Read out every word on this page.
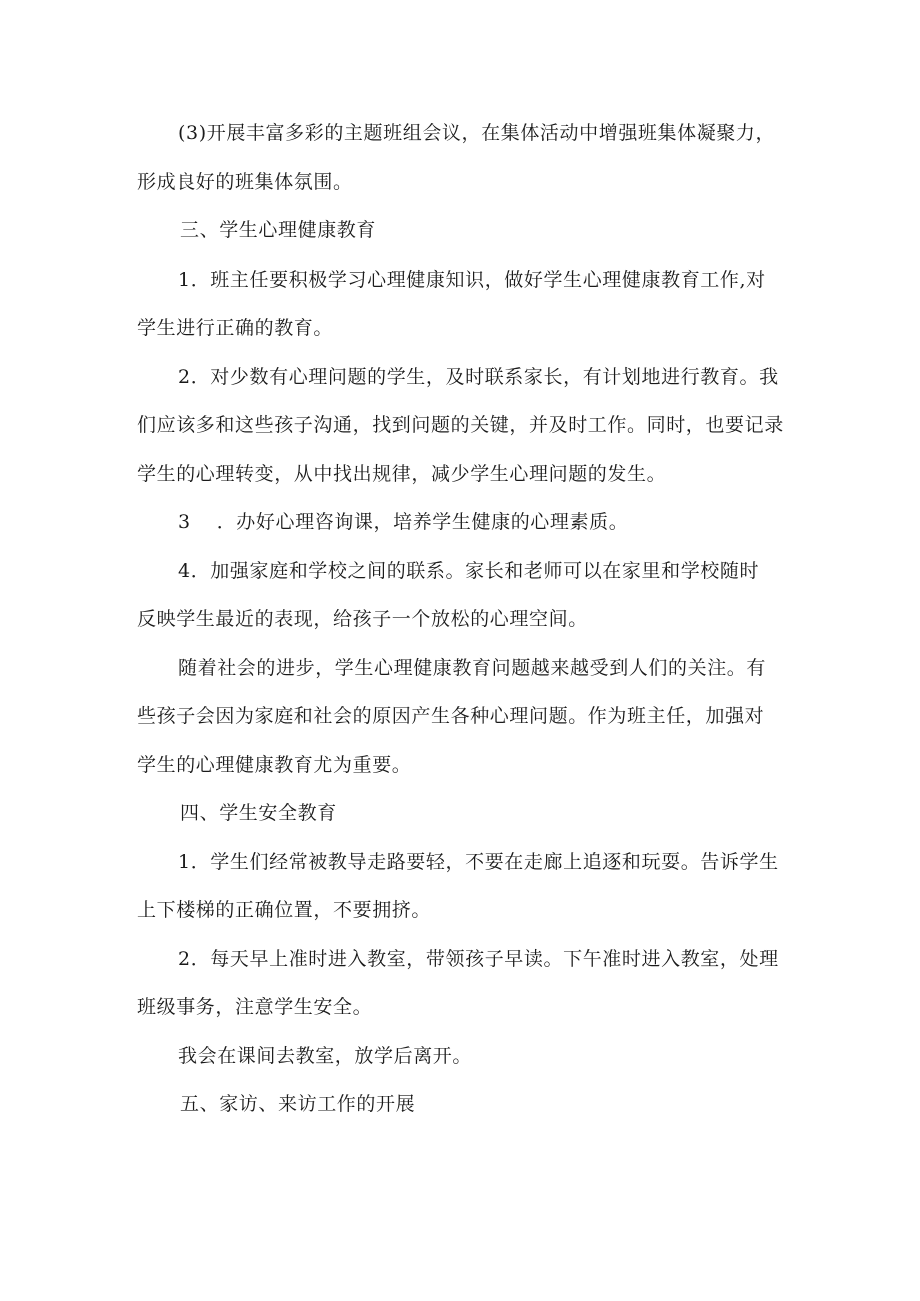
(3)开展丰富多彩的主题班组会议，在集体活动中增强班集体凝聚力，
形成良好的班集体氛围。
三、学生心理健康教育
1．班主任要积极学习心理健康知识，做好学生心理健康教育工作,对
学生进行正确的教育。
2．对少数有心理问题的学生，及时联系家长，有计划地进行教育。我
们应该多和这些孩子沟通，找到问题的关键，并及时工作。同时，也要记录
学生的心理转变，从中找出规律，减少学生心理问题的发生。
3 ．办好心理咨询课，培养学生健康的心理素质。
4．加强家庭和学校之间的联系。家长和老师可以在家里和学校随时
反映学生最近的表现，给孩子一个放松的心理空间。
随着社会的进步，学生心理健康教育问题越来越受到人们的关注。有
些孩子会因为家庭和社会的原因产生各种心理问题。作为班主任，加强对
学生的心理健康教育尤为重要。
四、学生安全教育
1．学生们经常被教导走路要轻，不要在走廊上追逐和玩耍。告诉学生
上下楼梯的正确位置，不要拥挤。
2．每天早上准时进入教室，带领孩子早读。下午准时进入教室，处理
班级事务，注意学生安全。
我会在课间去教室，放学后离开。
五、家访、来访工作的开展
